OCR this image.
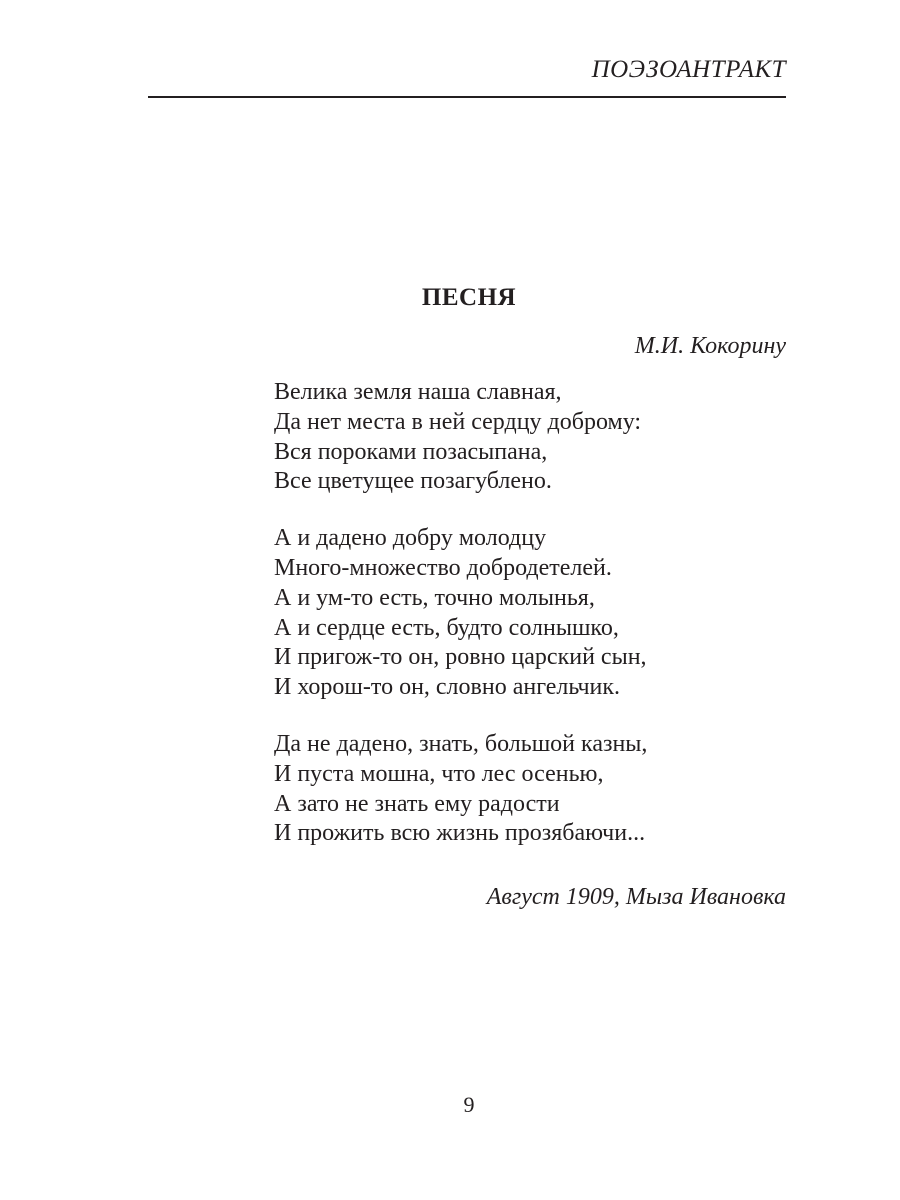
ПОЭЗОАНТРАКТ
ПЕСНЯ
М.И. Кокорину
Велика земля наша славная,
Да нет места в ней сердцу доброму:
Вся пороками позасыпана,
Все цветущее позагублено.
А и дадено добру молодцу
Много-множество добродетелей.
А и ум-то есть, точно молынья,
А и сердце есть, будто солнышко,
И пригож-то он, ровно царский сын,
И хорош-то он, словно ангельчик.
Да не дадено, знать, большой казны,
И пуста мошна, что лес осенью,
А зато не знать ему радости
И прожить всю жизнь прозябаючи...
Август 1909, Мыза Ивановка
9
